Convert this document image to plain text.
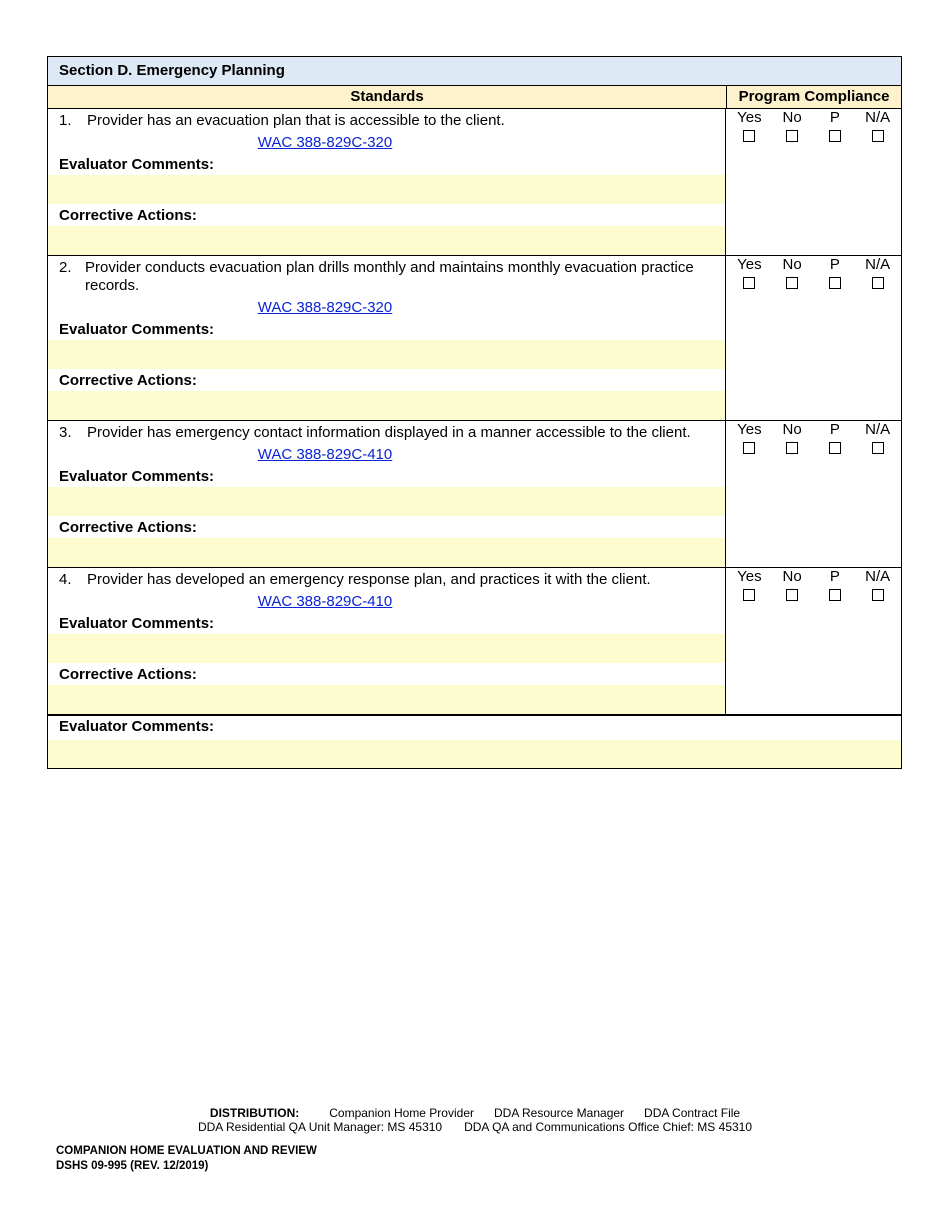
Section D. Emergency Planning
Standards	Program Compliance
1.	Provider has an evacuation plan that is accessible to the client.
WAC 388-829C-320
Evaluator Comments:
Corrective Actions:
Yes	No	P	N/A
2. Provider conducts evacuation plan drills monthly and maintains monthly evacuation practice records.
WAC 388-829C-320
Evaluator Comments:
Corrective Actions:
Yes	No	P	N/A
3.	Provider has emergency contact information displayed in a manner accessible to the client.
WAC 388-829C-410
Evaluator Comments:
Corrective Actions:
Yes	No	P	N/A
4.	Provider has developed an emergency response plan, and practices it with the client.
WAC 388-829C-410
Evaluator Comments:
Corrective Actions:
Yes	No	P	N/A
Evaluator Comments:
DISTRIBUTION:	Companion Home Provider DDA Resource Manager DDA Contract File
DDA Residential QA Unit Manager: MS 45310 DDA QA and Communications Office Chief: MS 45310
COMPANION HOME EVALUATION AND REVIEW
DSHS 09-995 (REV. 12/2019)
